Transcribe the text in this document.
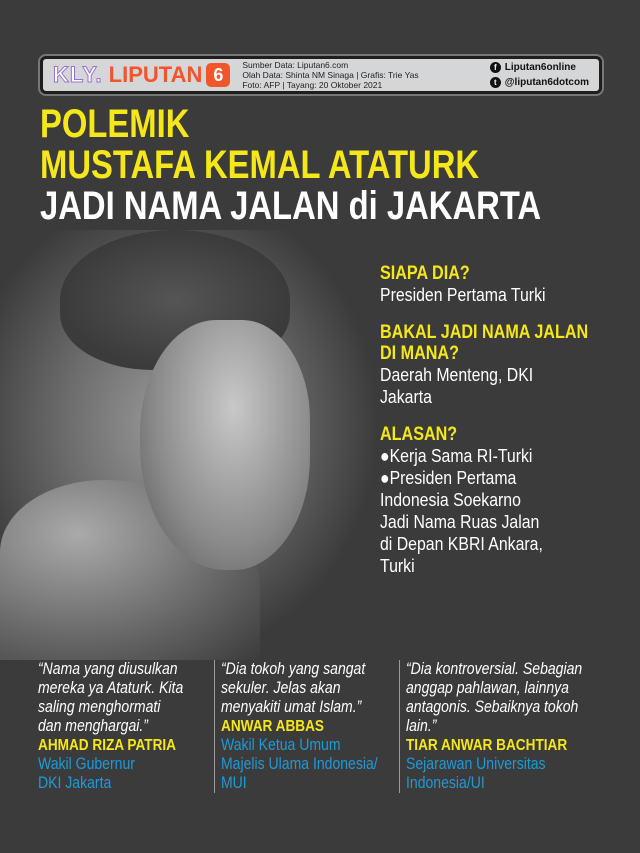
KLY. LIPUTAN 6	Sumber Data: Liputan6.com
Olah Data: Shinta NM Sinaga | Grafis: Trie Yas
Foto: AFP | Tayang: 20 Oktober 2021
f Liputan6online
t @liputan6dotcom
POLEMIK
MUSTAFA KEMAL ATATURK
JADI NAMA JALAN di JAKARTA
SIAPA DIA?
Presiden Pertama Turki
BAKAL JADI NAMA JALAN
DI MANA?
Daerah Menteng, DKI
Jakarta
ALASAN?
●Kerja Sama RI-Turki
●Presiden Pertama
Indonesia Soekarno
Jadi Nama Ruas Jalan
di Depan KBRI Ankara,
Turki
“Nama yang diusulkan
mereka ya Ataturk. Kita
saling menghormati
dan menghargai.”
AHMAD RIZA PATRIA
Wakil Gubernur
DKI Jakarta
“Dia tokoh yang sangat
sekuler. Jelas akan
menyakiti umat Islam.”
ANWAR ABBAS
Wakil Ketua Umum
Majelis Ulama Indonesia/
MUI
“Dia kontroversial. Sebagian
anggap pahlawan, lainnya
antagonis. Sebaiknya tokoh
lain.”
TIAR ANWAR BACHTIAR
Sejarawan Universitas
Indonesia/UI
